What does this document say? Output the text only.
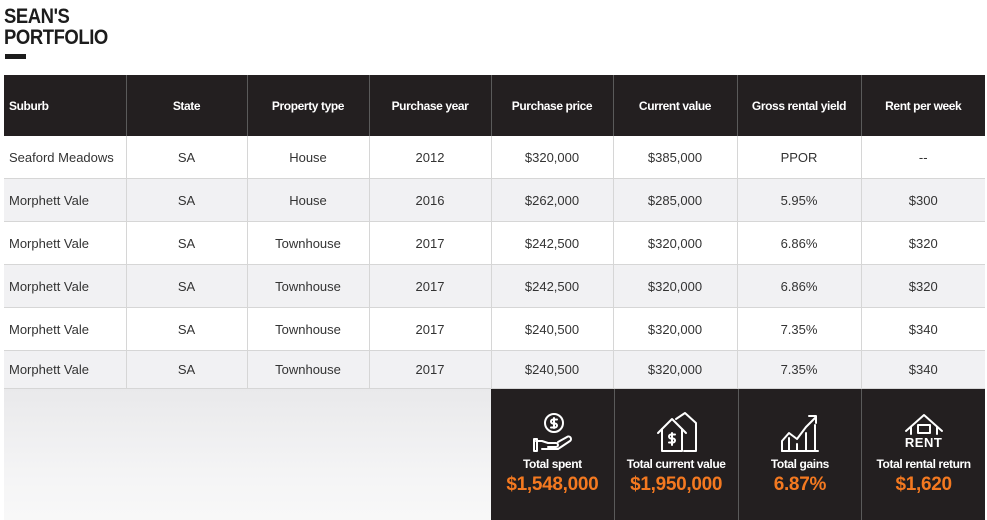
SEAN'S
PORTFOLIO
Suburb	State	Property type	Purchase year	Purchase price	Current value	Gross rental yield	Rent per week
Seaford Meadows	SA	House	2012	$320,000	$385,000	PPOR	--
Morphett Vale	SA	House	2016	$262,000	$285,000	5.95%	$300
Morphett Vale	SA	Townhouse	2017	$242,500	$320,000	6.86%	$320
Morphett Vale	SA	Townhouse	2017	$242,500	$320,000	6.86%	$320
Morphett Vale	SA	Townhouse	2017	$240,500	$320,000	7.35%	$340
Morphett Vale	SA	Townhouse	2017	$240,500	$320,000	7.35%	$340
Total spent
$1,548,000
Total current value
$1,950,000
Total gains
6.87%
RENT
Total rental return
$1,620
